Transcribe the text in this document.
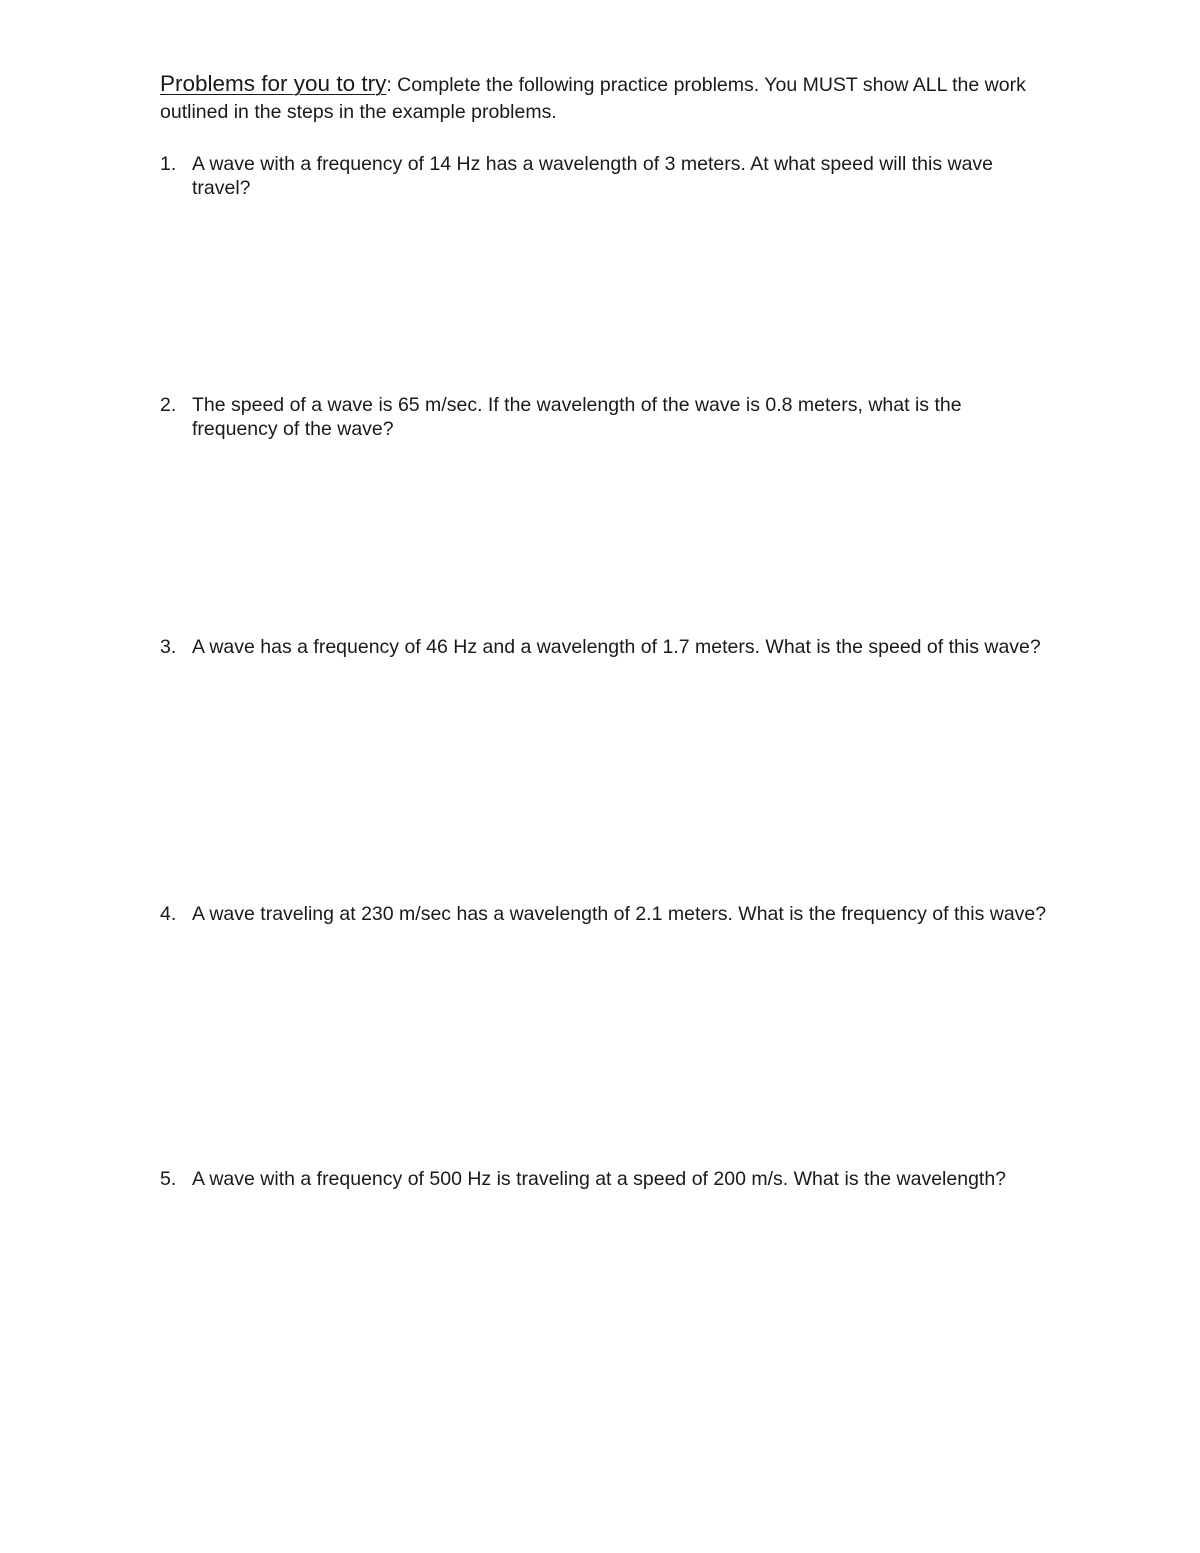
Problems for you to try: Complete the following practice problems. You MUST show ALL the work outlined in the steps in the example problems.
1. A wave with a frequency of 14 Hz has a wavelength of 3 meters. At what speed will this wave travel?
2. The speed of a wave is 65 m/sec. If the wavelength of the wave is 0.8 meters, what is the frequency of the wave?
3. A wave has a frequency of 46 Hz and a wavelength of 1.7 meters. What is the speed of this wave?
4. A wave traveling at 230 m/sec has a wavelength of 2.1 meters. What is the frequency of this wave?
5. A wave with a frequency of 500 Hz is traveling at a speed of 200 m/s. What is the wavelength?
